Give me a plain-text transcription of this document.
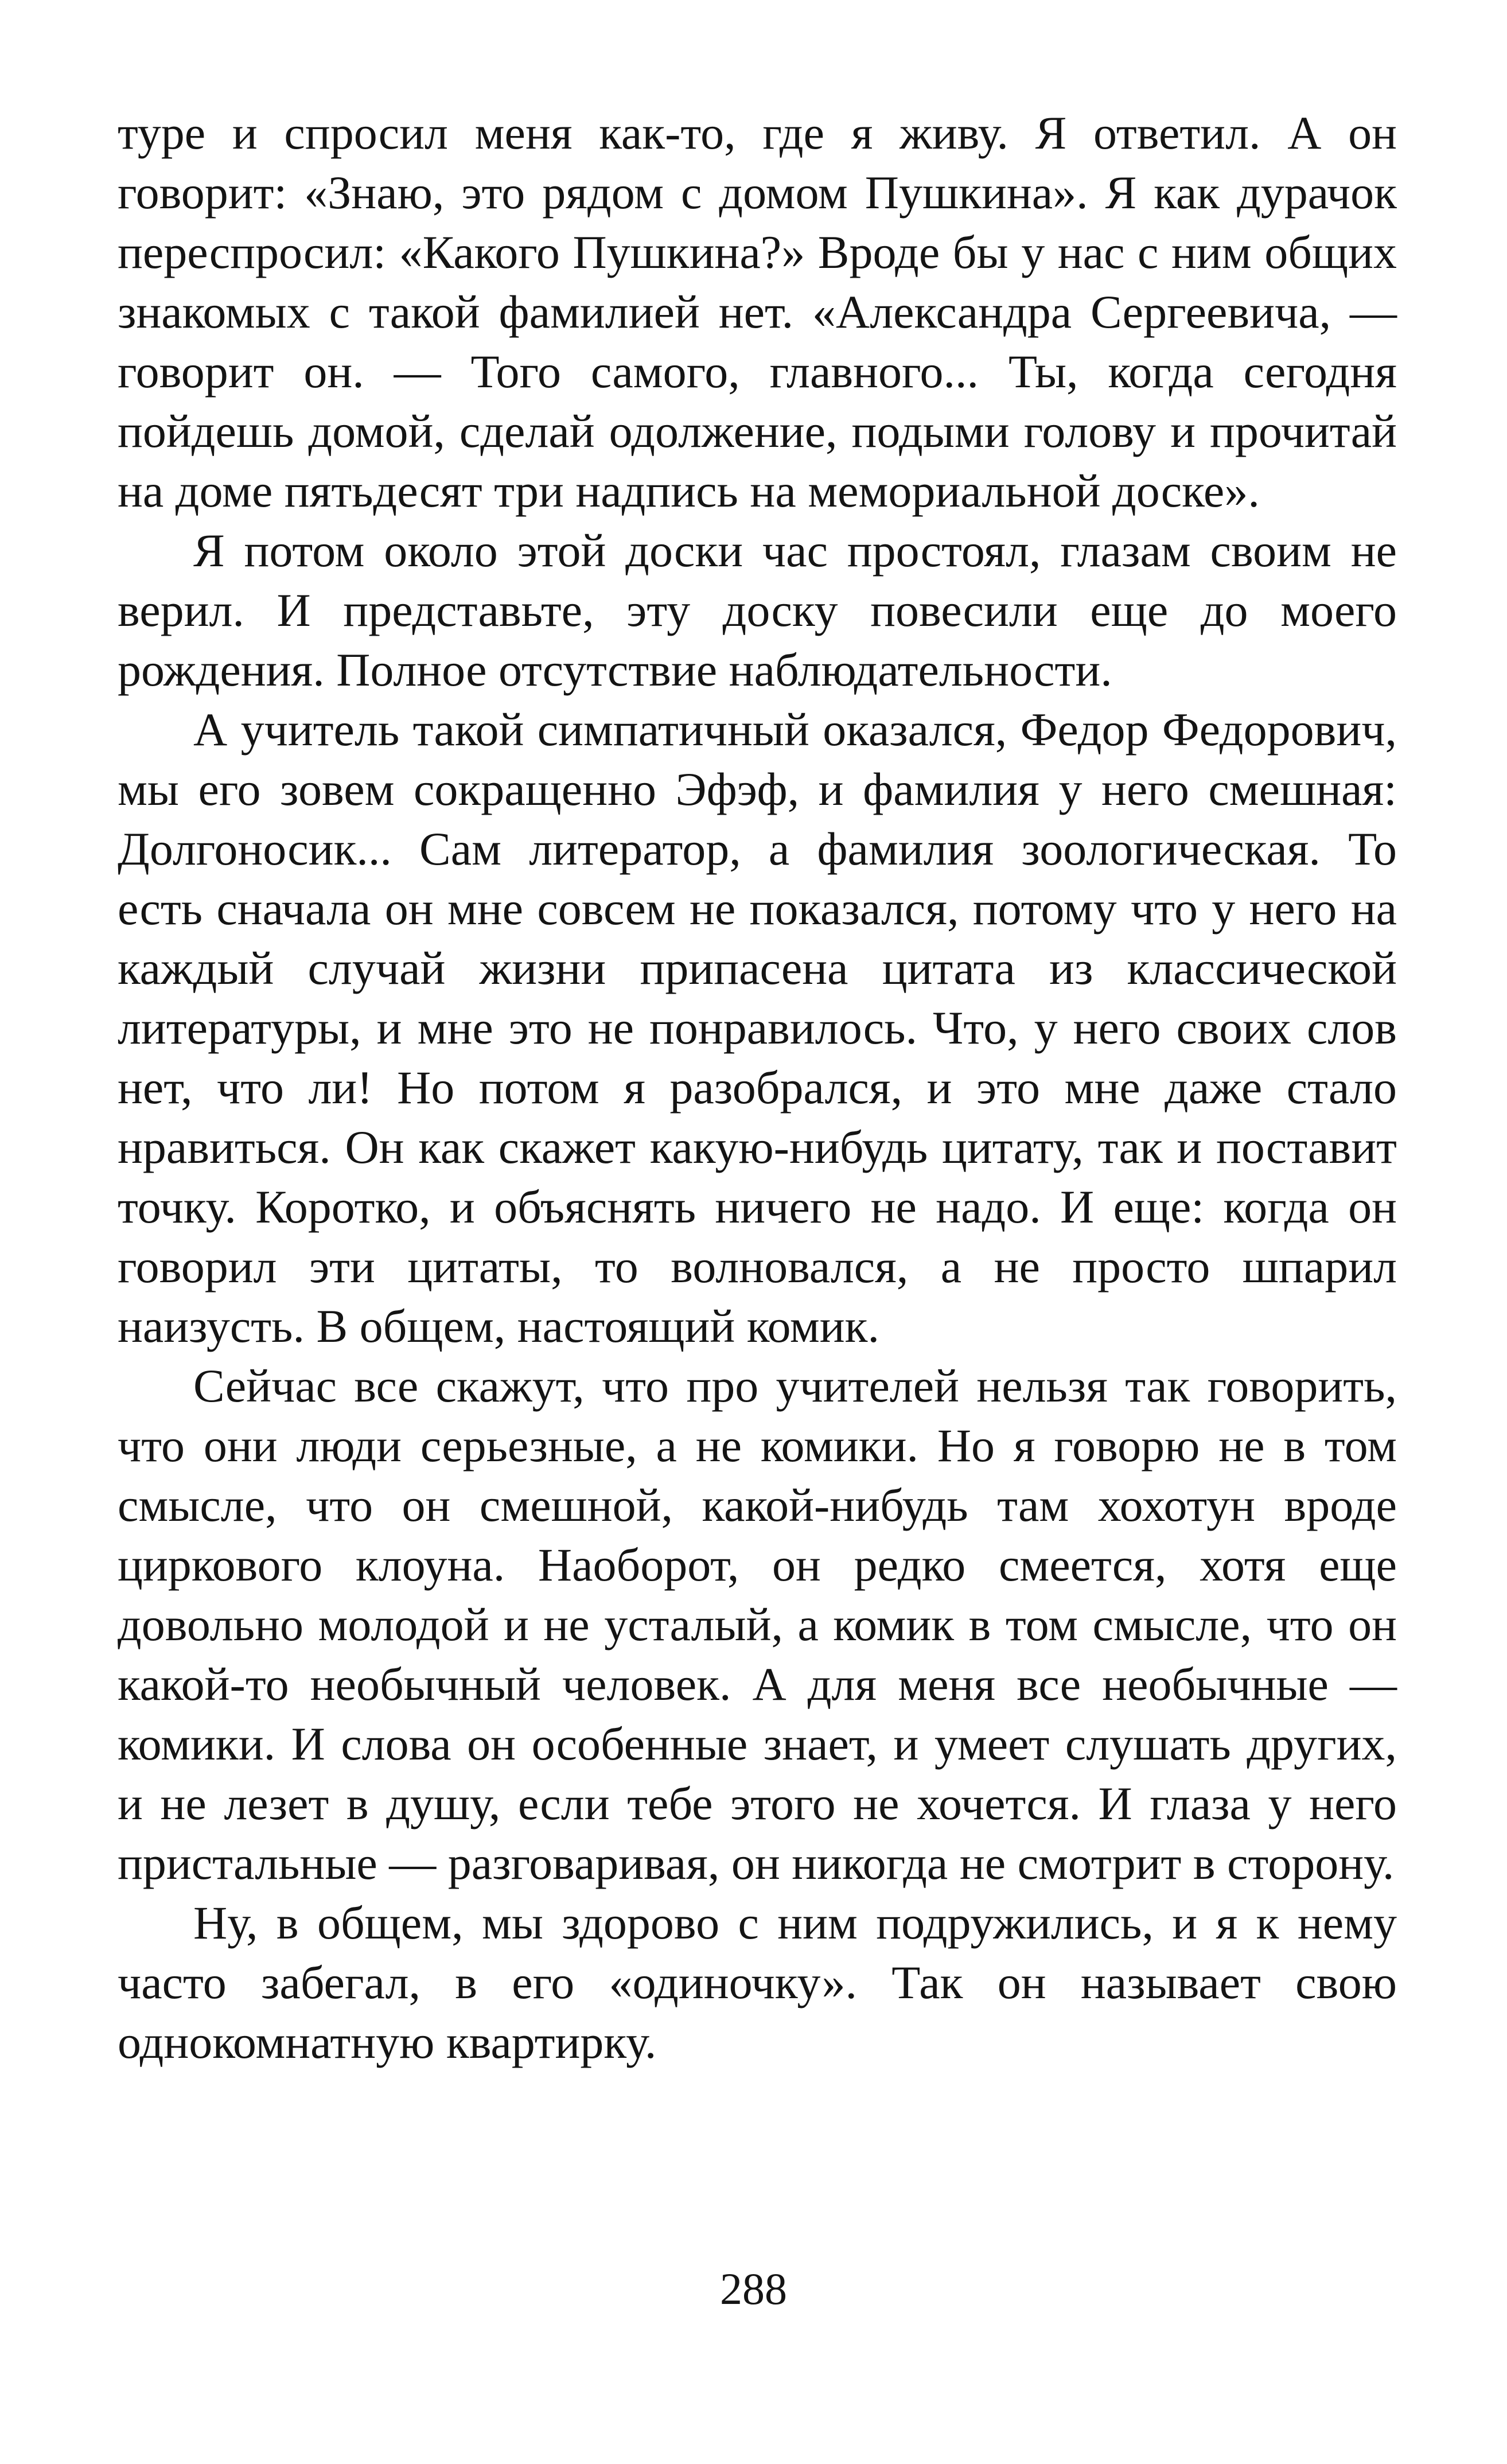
туре и спросил меня как-то, где я живу. Я ответил. А он говорит: «Знаю, это рядом с домом Пушкина». Я как дурачок переспросил: «Какого Пушкина?» Вроде бы у нас с ним общих знакомых с такой фамилией нет. «Александра Сергеевича, — говорит он. — Того самого, главного... Ты, когда сегодня пойдешь домой, сделай одолжение, подыми голову и прочитай на доме пятьдесят три надпись на мемориальной доске».

Я потом около этой доски час простоял, глазам своим не верил. И представьте, эту доску повесили еще до моего рождения. Полное отсутствие наблюдательности.

А учитель такой симпатичный оказался, Федор Федорович, мы его зовем сокращенно Эфэф, и фамилия у него смешная: Долгоносик... Сам литератор, а фамилия зоологическая. То есть сначала он мне совсем не показался, потому что у него на каждый случай жизни припасена цитата из классической литературы, и мне это не понравилось. Что, у него своих слов нет, что ли! Но потом я разобрался, и это мне даже стало нравиться. Он как скажет какую-нибудь цитату, так и поставит точку. Коротко, и объяснять ничего не надо. И еще: когда он говорил эти цитаты, то волновался, а не просто шпарил наизусть. В общем, настоящий комик.

Сейчас все скажут, что про учителей нельзя так говорить, что они люди серьезные, а не комики. Но я говорю не в том смысле, что он смешной, какой-нибудь там хохотун вроде циркового клоуна. Наоборот, он редко смеется, хотя еще довольно молодой и не усталый, а комик в том смысле, что он какой-то необычный человек. А для меня все необычные — комики. И слова он особенные знает, и умеет слушать других, и не лезет в душу, если тебе этого не хочется. И глаза у него пристальные — разговаривая, он никогда не смотрит в сторону.

Ну, в общем, мы здорово с ним подружились, и я к нему часто забегал, в его «одиночку». Так он называет свою однокомнатную квартирку.

288
